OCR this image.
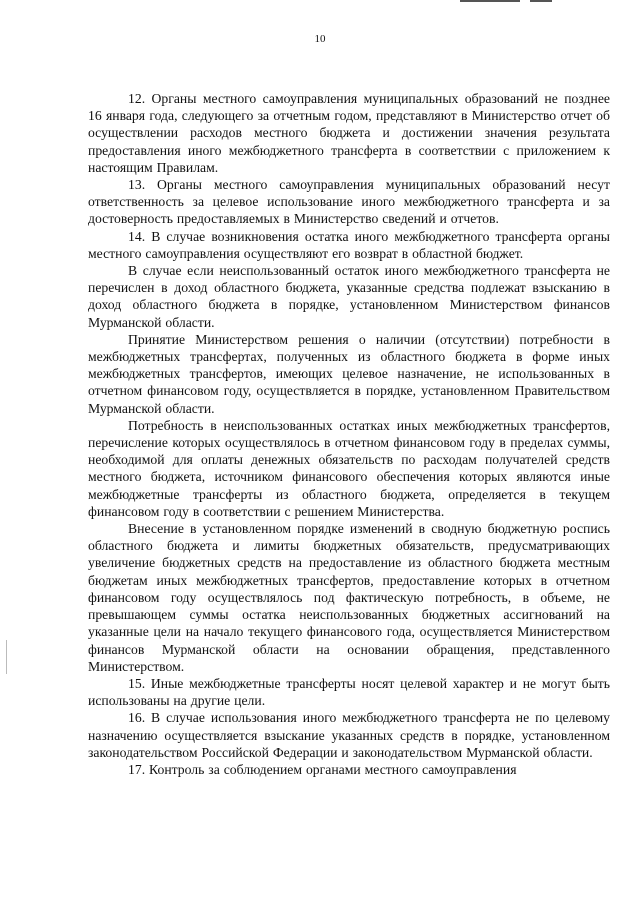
10

12. Органы местного самоуправления муниципальных образований не позднее 16 января года, следующего за отчетным годом, представляют в Министерство отчет об осуществлении расходов местного бюджета и достижении значения результата предоставления иного межбюджетного трансферта в соответствии с приложением к настоящим Правилам.

13. Органы местного самоуправления муниципальных образований несут ответственность за целевое использование иного межбюджетного трансферта и за достоверность предоставляемых в Министерство сведений и отчетов.

14. В случае возникновения остатка иного межбюджетного трансферта органы местного самоуправления осуществляют его возврат в областной бюджет.

В случае если неиспользованный остаток иного межбюджетного трансферта не перечислен в доход областного бюджета, указанные средства подлежат взысканию в доход областного бюджета в порядке, установленном Министерством финансов Мурманской области.

Принятие Министерством решения о наличии (отсутствии) потребности в межбюджетных трансфертах, полученных из областного бюджета в форме иных межбюджетных трансфертов, имеющих целевое назначение, не использованных в отчетном финансовом году, осуществляется в порядке, установленном Правительством Мурманской области.

Потребность в неиспользованных остатках иных межбюджетных трансфертов, перечисление которых осуществлялось в отчетном финансовом году в пределах суммы, необходимой для оплаты денежных обязательств по расходам получателей средств местного бюджета, источником финансового обеспечения которых являются иные межбюджетные трансферты из областного бюджета, определяется в текущем финансовом году в соответствии с решением Министерства.

Внесение в установленном порядке изменений в сводную бюджетную роспись областного бюджета и лимиты бюджетных обязательств, предусматривающих увеличение бюджетных средств на предоставление из областного бюджета местным бюджетам иных межбюджетных трансфертов, предоставление которых в отчетном финансовом году осуществлялось под фактическую потребность, в объеме, не превышающем суммы остатка неиспользованных бюджетных ассигнований на указанные цели на начало текущего финансового года, осуществляется Министерством финансов Мурманской области на основании обращения, представленного Министерством.

15. Иные межбюджетные трансферты носят целевой характер и не могут быть использованы на другие цели.

16. В случае использования иного межбюджетного трансферта не по целевому назначению осуществляется взыскание указанных средств в порядке, установленном законодательством Российской Федерации и законодательством Мурманской области.

17. Контроль за соблюдением органами местного самоуправления
